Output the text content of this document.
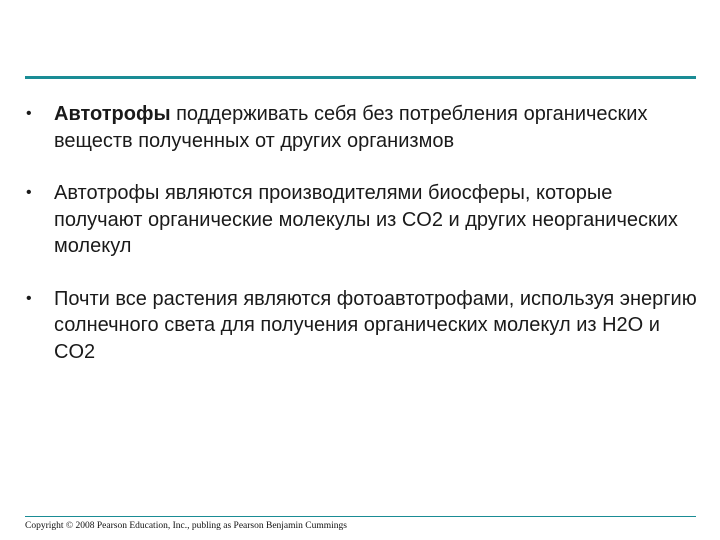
• Автотрофы поддерживать себя без потребления органических веществ полученных от других организмов
• Автотрофы являются производителями биосферы, которые получают органические молекулы из CO2 и других неорганических молекул
• Почти все растения являются фотоавтотрофами, используя энергию солнечного света для получения органических молекул из H2O и CO2
Copyright © 2008 Pearson Education, Inc., publing as Pearson Benjamin Cummings
